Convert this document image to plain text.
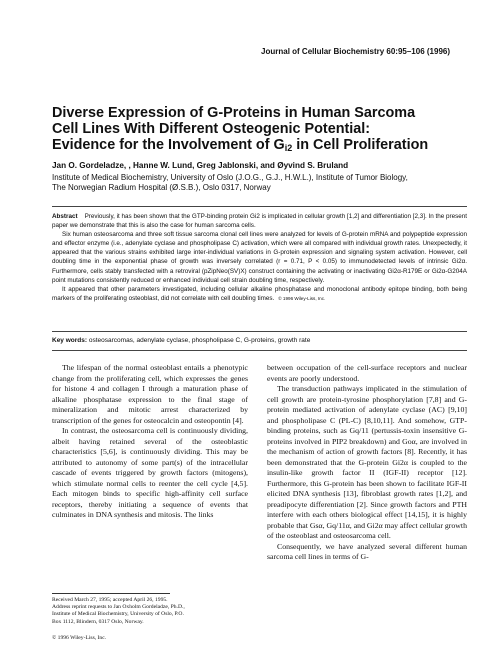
Journal of Cellular Biochemistry 60:95–106 (1996)
Diverse Expression of G-Proteins in Human Sarcoma
Cell Lines With Different Osteogenic Potential:
Evidence for the Involvement of $G_{i2}$ in Cell Proliferation
Jan O. Gordeladze, , Hanne W. Lund, Greg Jablonski, and Øyvind S. Bruland
Institute of Medical Biochemistry, University of Oslo (J.O.G., G.J., H.W.L.), Institute of Tumor Biology,
The Norwegian Radium Hospital (Ø.S.B.), Oslo 0317, Norway

Abstract Previously, it has been shown that the GTP-binding protein Gi2 is implicated in cellular growth [1,2] and differentiation [2,3]. In the present paper we demonstrate that this is also the case for human sarcoma cells.

Six human osteosarcoma and three soft tissue sarcoma clonal cell lines were analyzed for levels of G-protein mRNA and polypeptide expression and effector enzyme (i.e., adenylate cyclase and phospholipase C) activation, which were all compared with individual growth rates. Unexpectedly, it appeared that the various strains exhibited large inter-individual variations in G-protein expression and signaling system activation. However, cell doubling time in the exponential phase of growth was inversely correlated (r = 0.71, P < 0.05) to immunodetected levels of intrinsic Gi2α. Furthermore, cells stably transfected with a retroviral (pZipNeo(SV)X) construct containing the activating or inactivating Gi2α-R179E or Gi2α-G204A point mutations consistently reduced or enhanced individual cell strain doubling time, respectively.

It appeared that other parameters investigated, including cellular alkaline phosphatase and monoclonal antibody epitope binding, both being markers of the proliferating osteoblast, did not correlate with cell doubling times. © 1996 Wiley-Liss, Inc.

Key words: osteosarcomas, adenylate cyclase, phospholipase C, G-proteins, growth rate

The lifespan of the normal osteoblast entails a phenotypic change from the proliferating cell, which expresses the genes for histone 4 and collagen I through a maturation phase of alkaline phosphatase expression to the final stage of mineralization and mitotic arrest characterized by transcription of the genes for osteocalcin and osteopontin [4].

In contrast, the osteosarcoma cell is continuously dividing, albeit having retained several of the osteoblastic characteristics [5,6], is continuously dividing. This may be attributed to autonomy of some part(s) of the intracellular cascade of events triggered by growth factors (mitogens), which stimulate normal cells to reenter the cell cycle [4,5]. Each mitogen binds to specific high-affinity cell surface receptors, thereby initiating a sequence of events that culminates in DNA synthesis and mitosis. The links

between occupation of the cell-surface receptors and nuclear events are poorly understood.

The transduction pathways implicated in the stimulation of cell growth are protein-tyrosine phosphorylation [7,8] and G-protein mediated activation of adenylate cyclase (AC) [9,10] and phospholipase C (PL-C) [8,10,11]. And somehow, GTP-binding proteins, such as Gq/11 (pertussis-toxin insensitive G-proteins involved in PIP2 breakdown) and Goα, are involved in the mechanism of action of growth factors [8]. Recently, it has been demonstrated that the G-protein Gi2α is coupled to the insulin-like growth factor II (IGF-II) receptor [12]. Furthermore, this G-protein has been shown to facilitate IGF-II elicited DNA synthesis [13], fibroblast growth rates [1,2], and preadipocyte differentiation [2]. Since growth factors and PTH interfere with each others biological effect [14,15], it is highly probable that Gsα, Gq/11α, and Gi2α may affect cellular growth of the osteoblast and osteosarcoma cell.

Consequently, we have analyzed several different human sarcoma cell lines in terms of G-

Received March 27, 1995; accepted April 26, 1995.
Address reprint requests to Jan Oxholm Gordeladze, Ph.D.,
Institute of Medical Biochemistry, University of Oslo, P.O.
Box 1112, Blindern, 0317 Oslo, Norway.
© 1996 Wiley-Liss, Inc.
